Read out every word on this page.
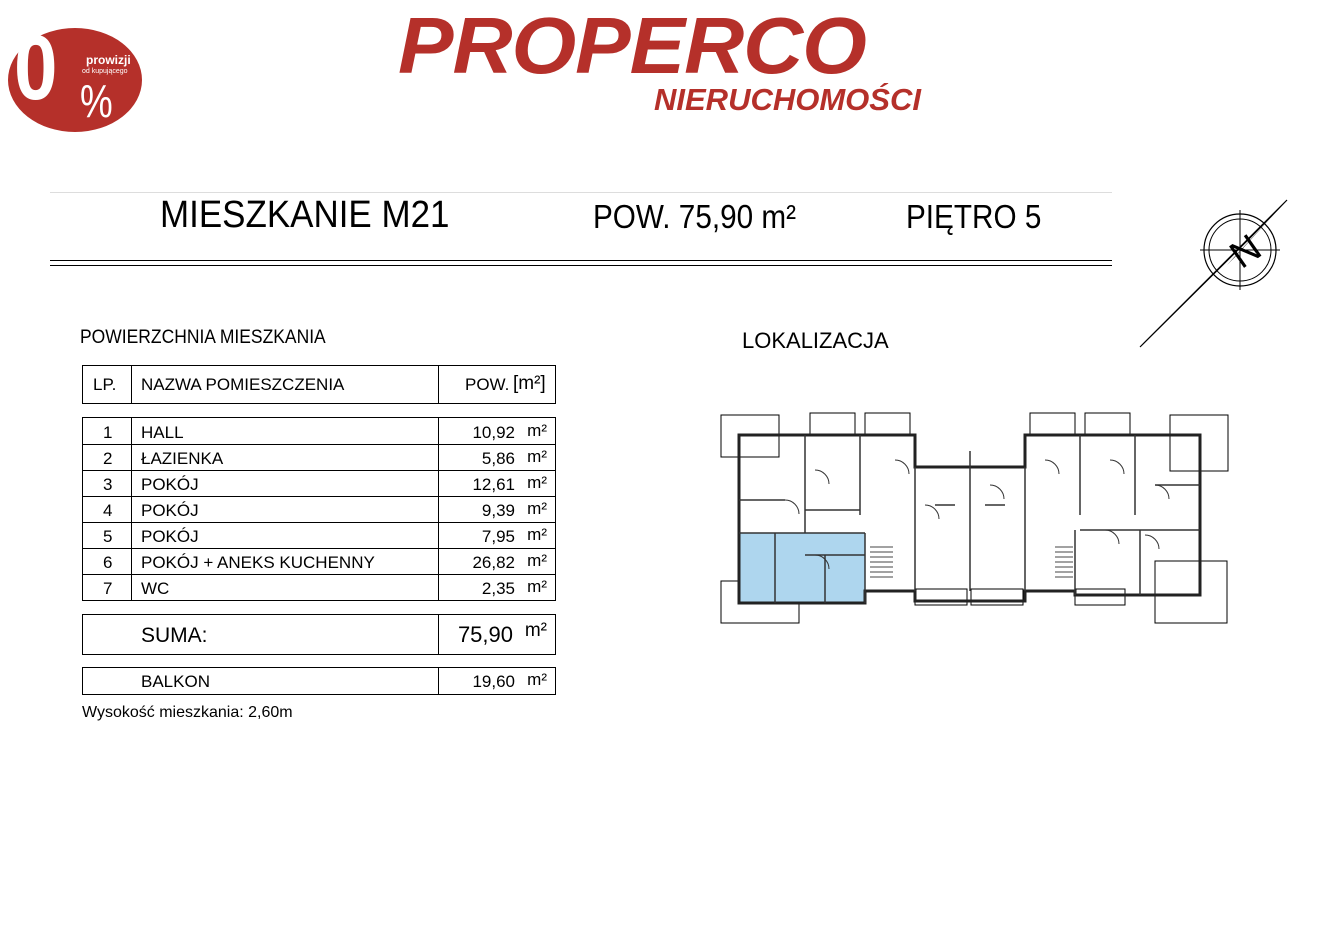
0 prowizji
od kupującego
%
PROPERCO
NIERUCHOMOŚCI
MIESZKANIE M21	POW. 75,90 m²	PIĘTRO 5
N
POWIERZCHNIA MIESZKANIA	LOKALIZACJA
LP. NAZWA POMIESZCZENIA	POW. [m²]
1 HALL	10,92 m²
2 ŁAZIENKA	5,86 m²
3 POKÓJ	12,61 m²
4 POKÓJ	9,39 m²
5 POKÓJ	7,95 m²
6 POKÓJ + ANEKS KUCHENNY	26,82 m²
7 WC	2,35 m²
SUMA:	75,90 m²
BALKON	19,60 m²
Wysokość mieszkania: 2,60m
